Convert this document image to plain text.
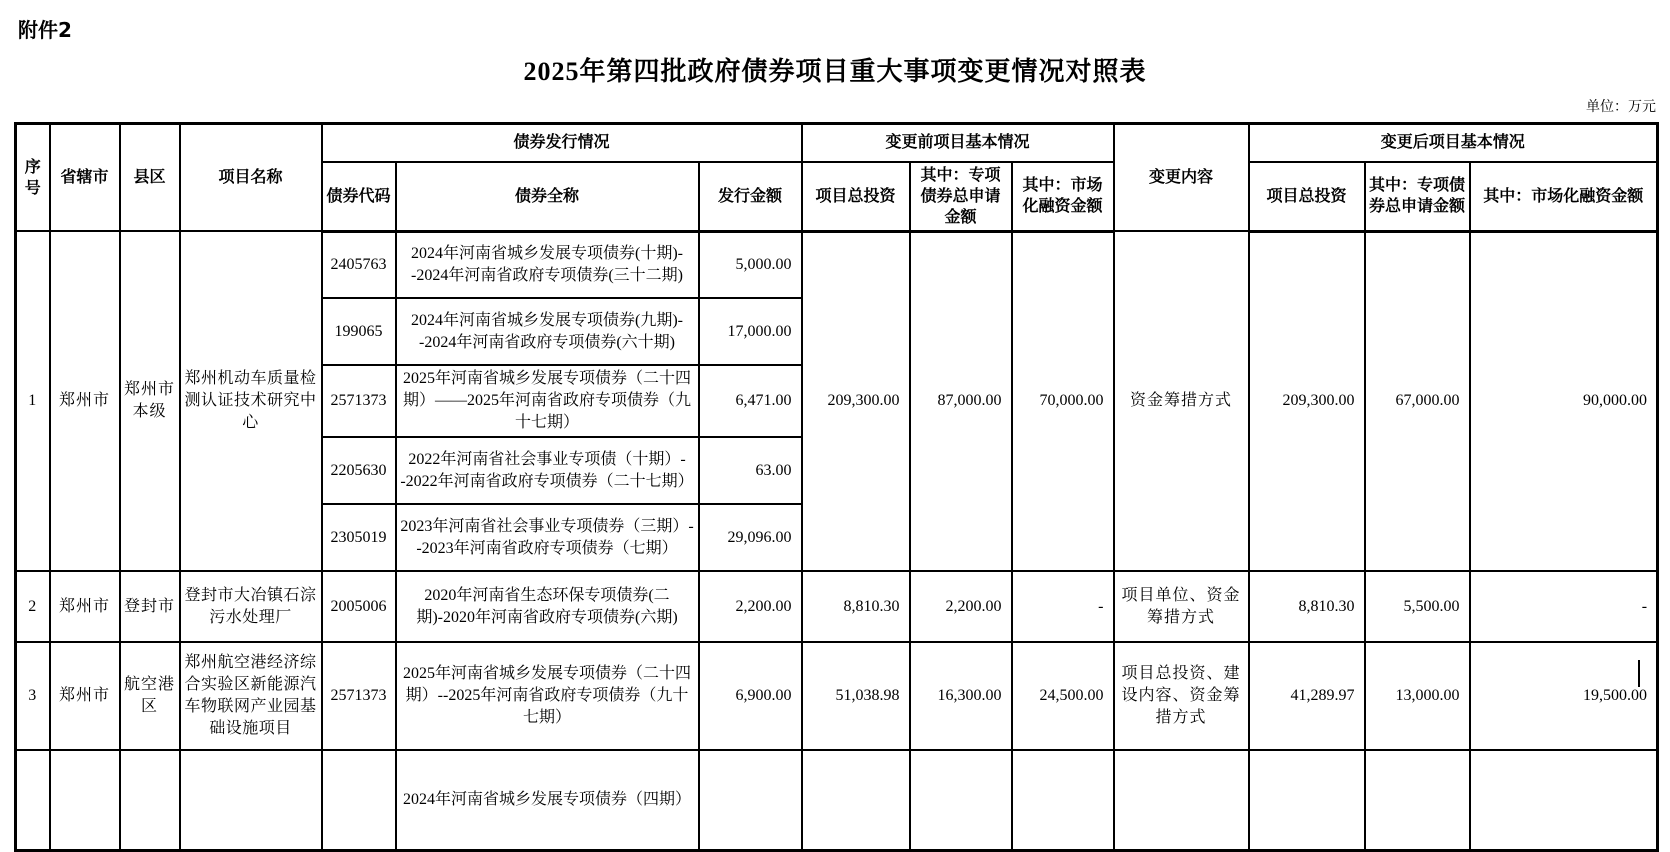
附件2
2025年第四批政府债券项目重大事项变更情况对照表
单位：万元
序号	省辖市	县区	项目名称	债券发行情况			变更前项目基本情况			变更内容	变更后项目基本情况		
				债券代码	债券全称	发行金额	项目总投资	其中：专项债券总申请金额	其中：市场化融资金额		项目总投资	其中：专项债券总申请金额	其中：市场化融资金额
1	郑州市	郑州市本级	郑州机动车质量检测认证技术研究中心	2405763	2024年河南省城乡发展专项债券(十期)--2024年河南省政府专项债券(三十二期)	5,000.00	209,300.00	87,000.00	70,000.00	资金筹措方式	209,300.00	67,000.00	90,000.00
				199065	2024年河南省城乡发展专项债券(九期)--2024年河南省政府专项债券(六十期)	17,000.00							
				2571373	2025年河南省城乡发展专项债券（二十四期）——2025年河南省政府专项债券（九十七期）	6,471.00							
				2205630	2022年河南省社会事业专项债（十期）--2022年河南省政府专项债券（二十七期）	63.00							
				2305019	2023年河南省社会事业专项债券（三期）--2023年河南省政府专项债券（七期）	29,096.00							
2	郑州市	登封市	登封市大冶镇石淙污水处理厂	2005006	2020年河南省生态环保专项债券(二期)-2020年河南省政府专项债券(六期)	2,200.00	8,810.30	2,200.00	-	项目单位、资金筹措方式	8,810.30	5,500.00	-
3	郑州市	航空港区	郑州航空港经济综合实验区新能源汽车物联网产业园基础设施项目	2571373	2025年河南省城乡发展专项债券（二十四期）--2025年河南省政府专项债券（九十七期）	6,900.00	51,038.98	16,300.00	24,500.00	项目总投资、建设内容、资金筹措方式	41,289.97	13,000.00	19,500.00
					2024年河南省城乡发展专项债券（四期）								
